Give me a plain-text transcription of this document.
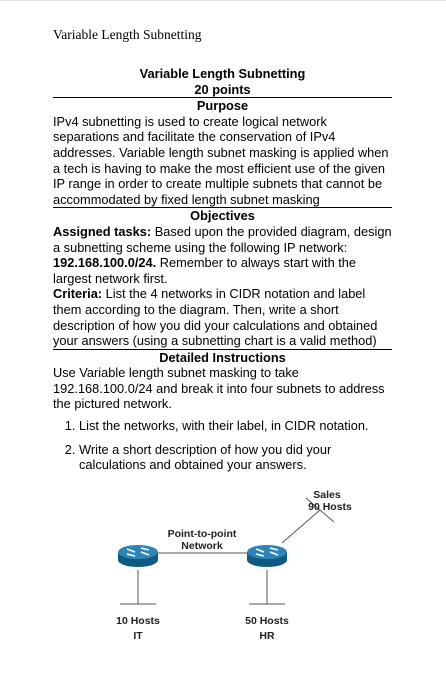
Variable Length Subnetting
Variable Length Subnetting
20 points
Purpose

IPv4 subnetting is used to create logical network separations and facilitate the conservation of IPv4 addresses. Variable length subnet masking is applied when a tech is having to make the most efficient use of the given IP range in order to create multiple subnets that cannot be accommodated by fixed length subnet masking

Objectives

Assigned tasks: Based upon the provided diagram, design a subnetting scheme using the following IP network: 192.168.100.0/24. Remember to always start with the largest network first.

Criteria: List the 4 networks in CIDR notation and label them according to the diagram. Then, write a short description of how you did your calculations and obtained your answers (using a subnetting chart is a valid method)

Detailed Instructions

Use Variable length subnet masking to take 192.168.100.0/24 and break it into four subnets to address the pictured network.

1. List the networks, with their label, in CIDR notation.
2. Write a short description of how you did your calculations and obtained your answers.
Sales
90 Hosts
Point-to-point
Network
10 Hosts
IT
50 Hosts
HR
